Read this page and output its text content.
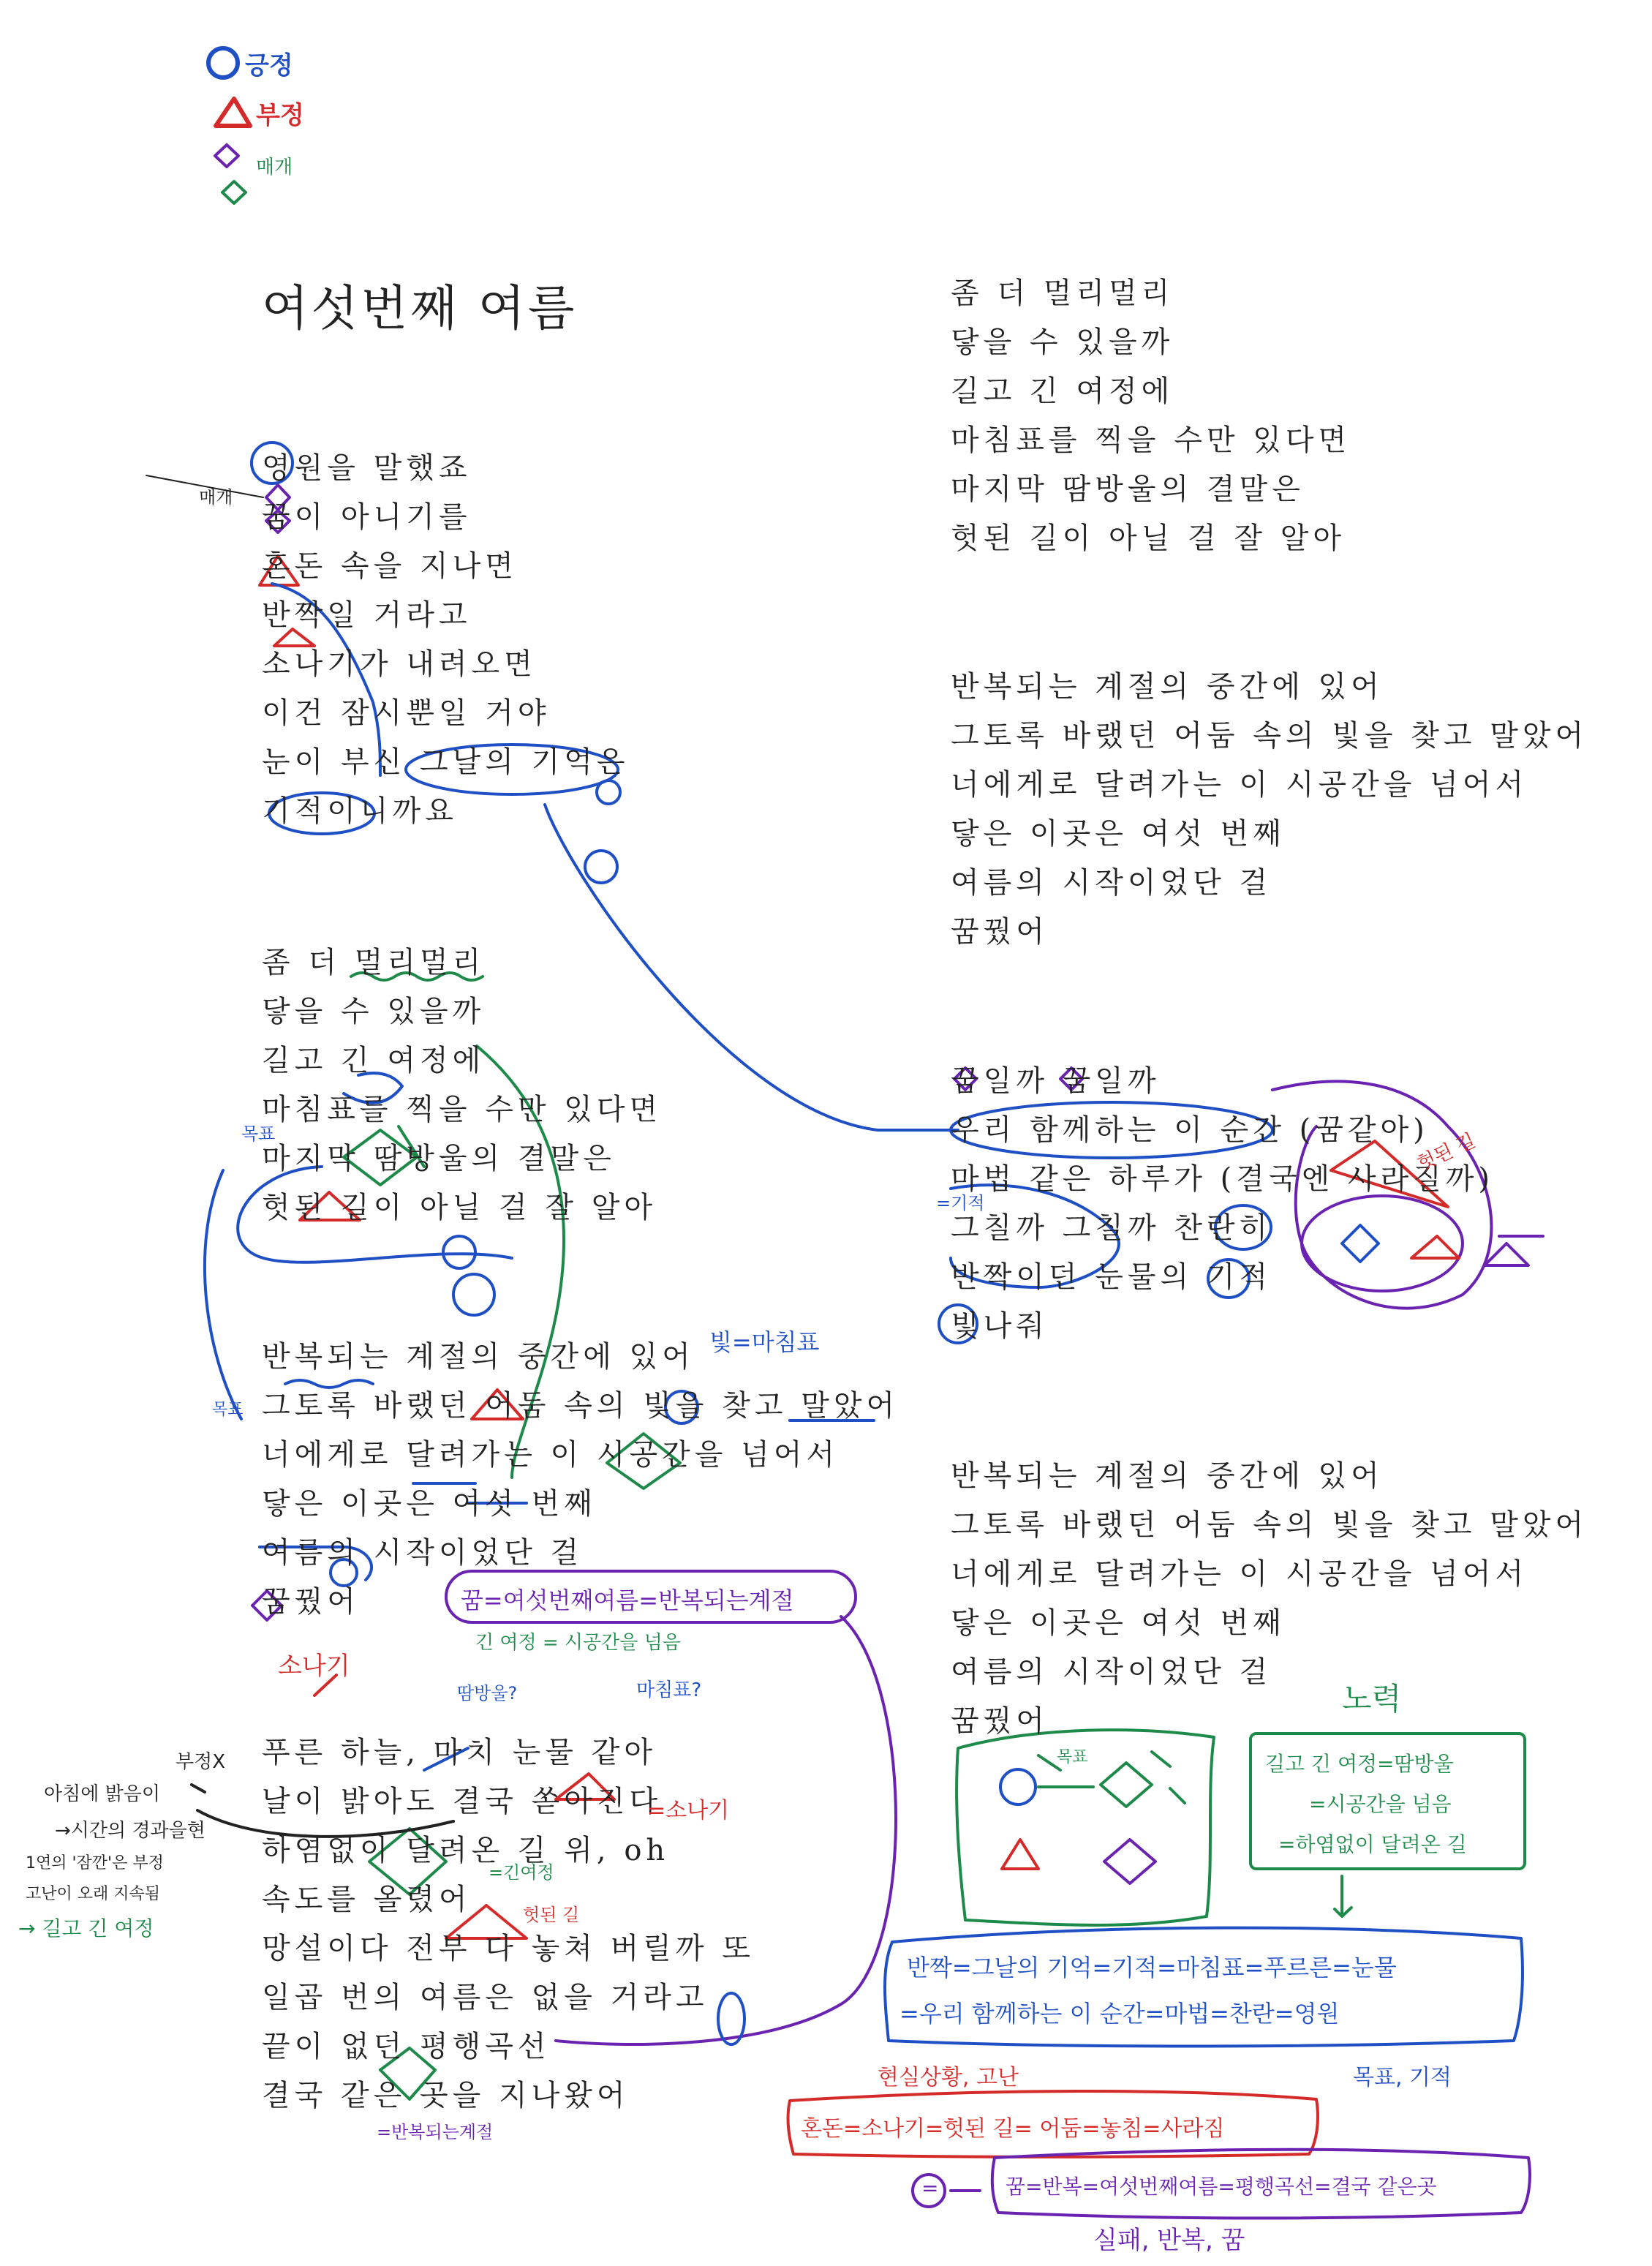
긍정
부정
매개
여섯번째 여름
영원을 말했죠
꿈이 아니기를
혼돈 속을 지나면
반짝일 거라고
소나기가 내려오면
이건 잠시뿐일 거야
눈이 부신 그날의 기억은
기적이니까요
좀 더 멀리멀리
닿을 수 있을까
길고 긴 여정에
마침표를 찍을 수만 있다면
마지막 땀방울의 결말은
헛된 길이 아닐 걸 잘 알아
반복되는 계절의 중간에 있어
그토록 바랬던 어둠 속의 빛을 찾고 말았어
너에게로 달려가는 이 시공간을 넘어서
닿은 이곳은 여섯 번째
여름의 시작이었단 걸
꿈꿨어
푸른 하늘, 마치 눈물 같아
날이 밝아도 결국 쏟아진다
하염없이 달려온 길 위, oh
속도를 올렸어
망설이다 전부 다 놓쳐 버릴까 또
일곱 번의 여름은 없을 거라고
끝이 없던 평행곡선
결국 같은 곳을 지나왔어
좀 더 멀리멀리
닿을 수 있을까
길고 긴 여정에
마침표를 찍을 수만 있다면
마지막 땀방울의 결말은
헛된 길이 아닐 걸 잘 알아
반복되는 계절의 중간에 있어
그토록 바랬던 어둠 속의 빛을 찾고 말았어
너에게로 달려가는 이 시공간을 넘어서
닿은 이곳은 여섯 번째
여름의 시작이었단 걸
꿈꿨어
꿈일까 꿈일까
우리 함께하는 이 순간 (꿈같아)
마법 같은 하루가 (결국엔 사라질까)
그칠까 그칠까 찬란히
반짝이던 눈물의 기적
빛나줘
반복되는 계절의 중간에 있어
그토록 바랬던 어둠 속의 빛을 찾고 말았어
너에게로 달려가는 이 시공간을 넘어서
닿은 이곳은 여섯 번째
여름의 시작이었단 걸
꿈꿨어
매개
목표
목표
빛=마침표
꿈=여섯번째여름=반복되는계절
긴 여정 = 시공간을 넘음
땀방울?	마침표?
소나기
=소나기
=긴여정
헛된 길
=반복되는계절
부정X
아침에 밝음이
→시간의 경과을현
1연의 '잠깐'은 부정
고난이 오래 지속됨
→ 길고 긴 여정
헛된 길
=기적
노력
길고 긴 여정=땀방울
=시공간을 넘음
=하염없이 달려온 길
목표
반짝=그날의 기억=기적=마침표=푸르른=눈물
=우리 함께하는 이 순간=마법=찬란=영원
목표, 기적
현실상황, 고난
혼돈=소나기=헛된 길= 어둠=놓침=사라짐
꿈=반복=여섯번째여름=평행곡선=결국 같은곳
=
실패, 반복, 꿈
